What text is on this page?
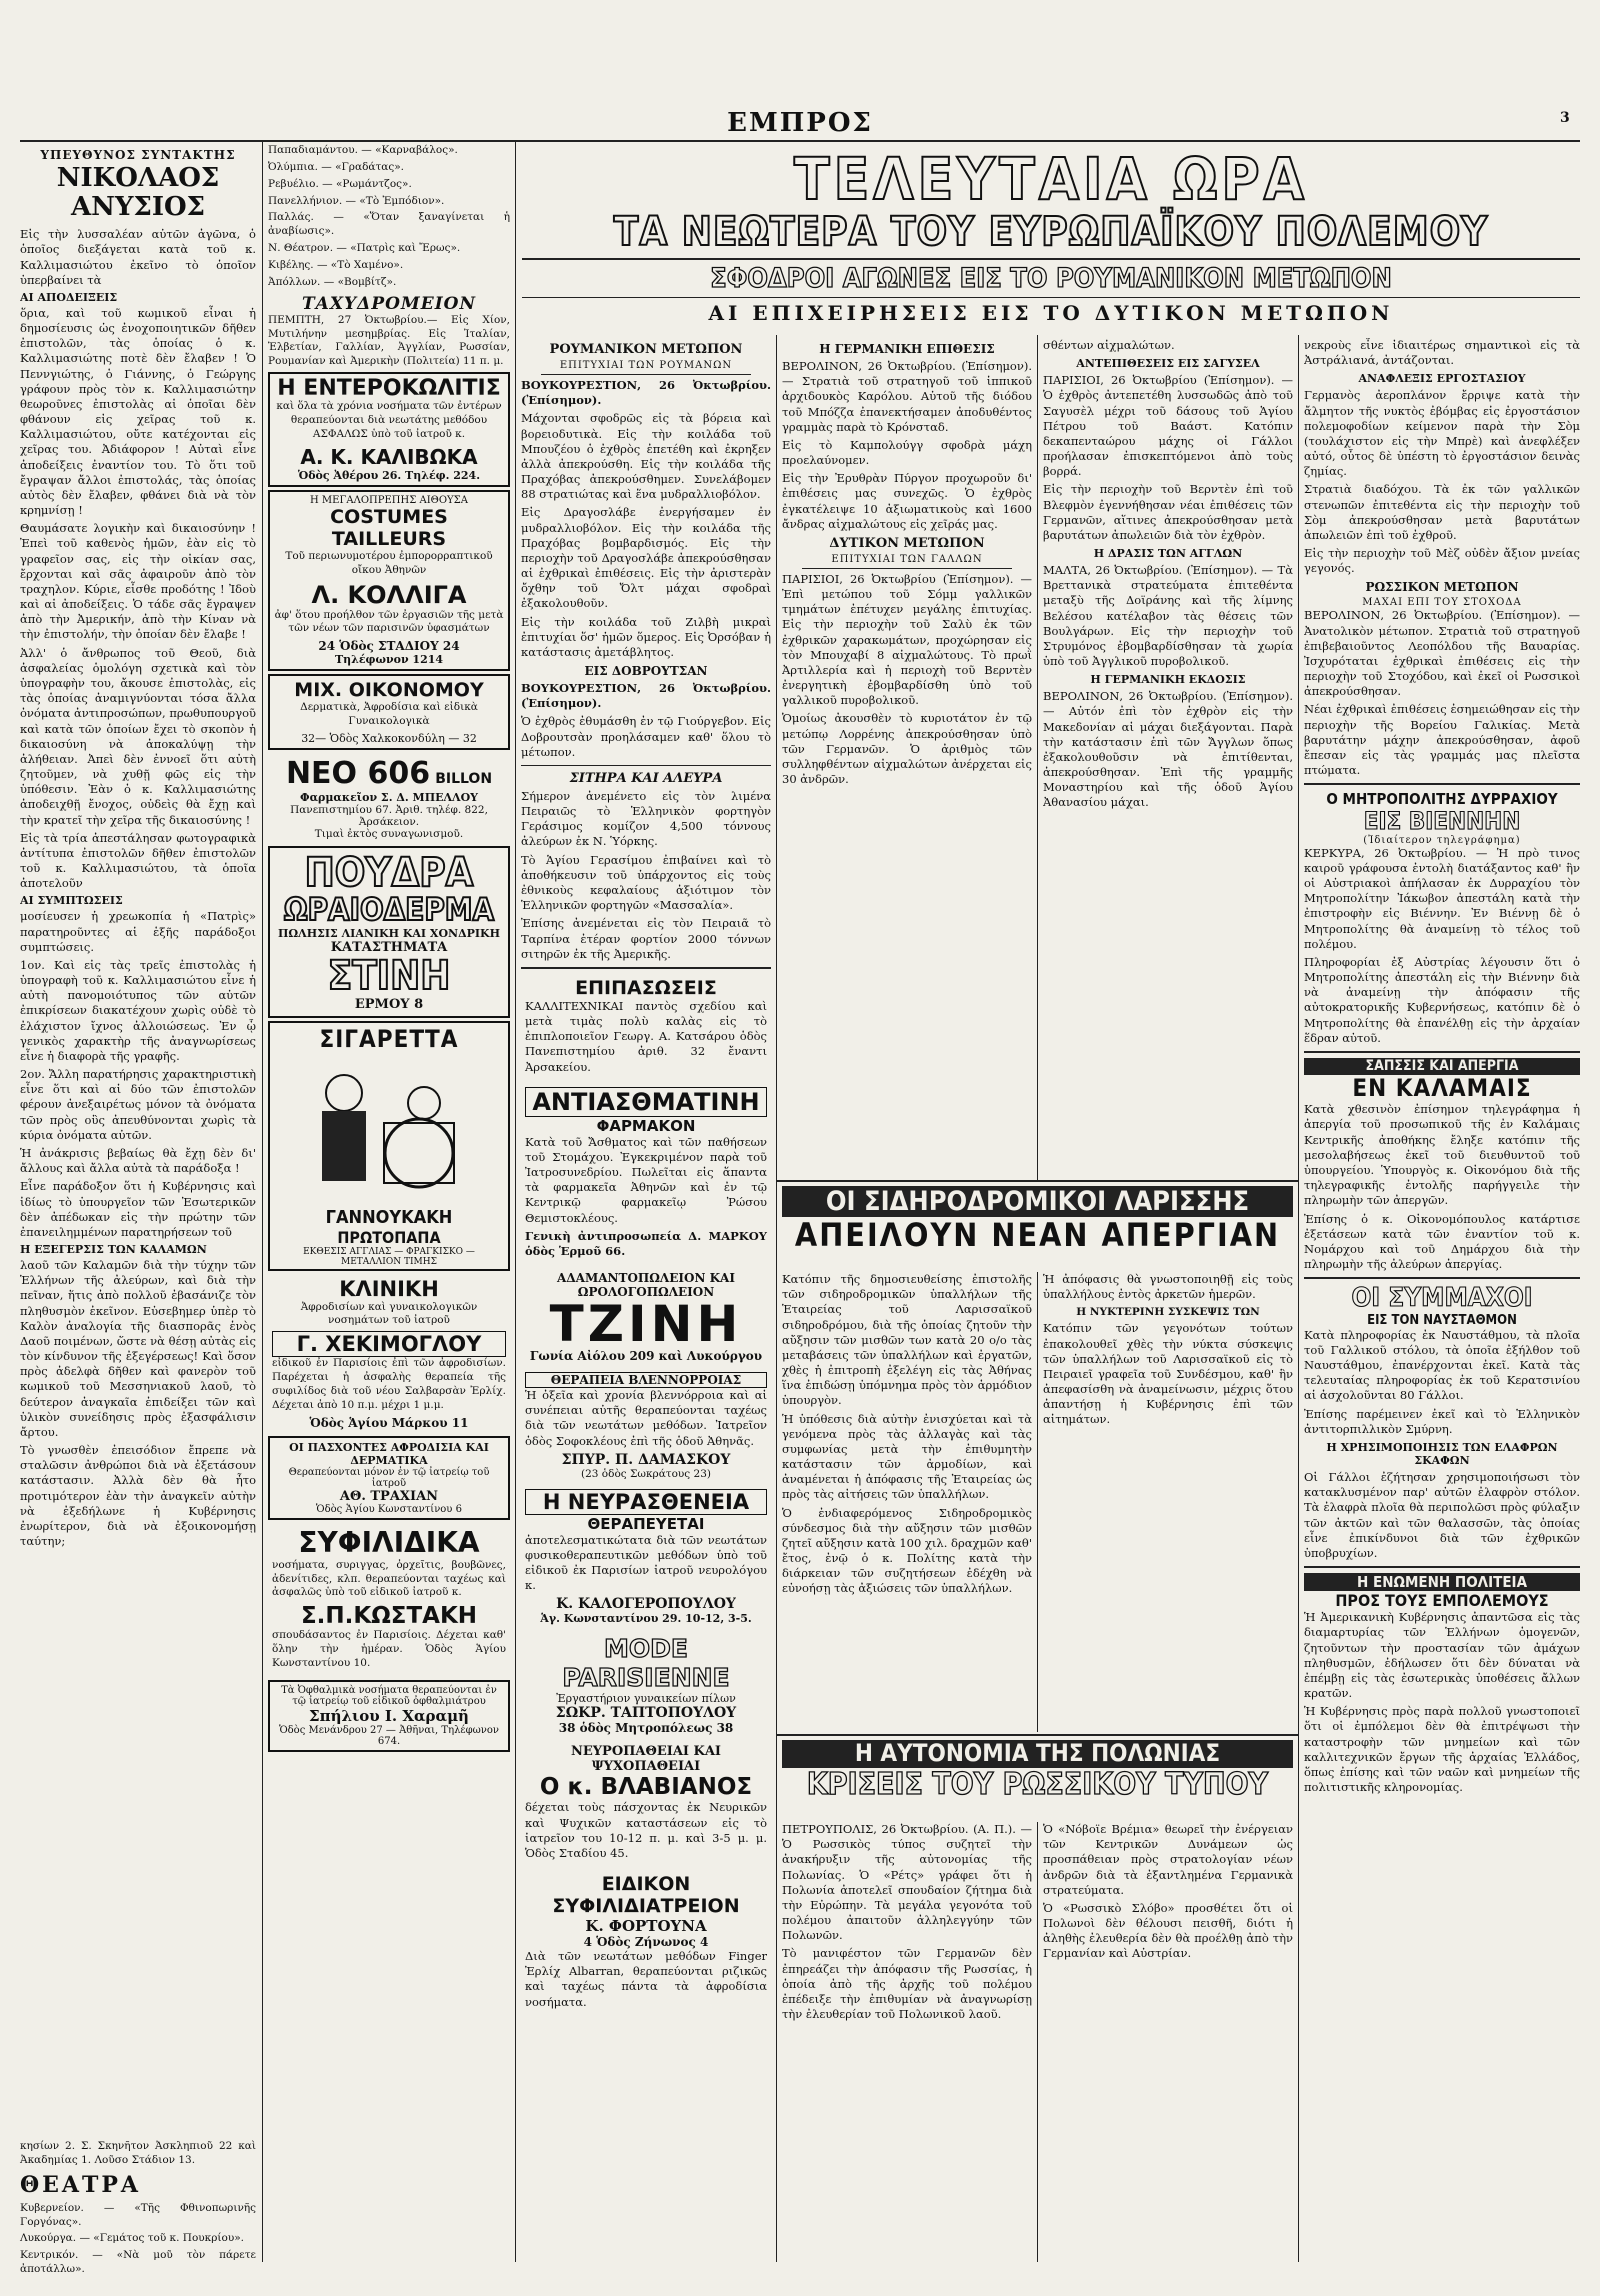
ΕΜΠΡΟΣ	3
ΥΠΕΥΘΥΝΟΣ ΣΥΝΤΑΚΤΗΣ
ΝΙΚΟΛΑΟΣ ΑΝΥΣΙΟΣ

Εἰς τὴν λυσσαλέαν αὐτῶν ἀγῶνα, ὁ ὁποῖος διεξάγεται κατὰ τοῦ κ. Καλλιμασιώτου ἐκεῖνο τὸ ὁποῖον ὑπερβαίνει τὰ

ΑΙ ΑΠΟΔΕΙΞΕΙΣ

ὅρια, καὶ τοῦ κωμικοῦ εἶναι ἡ δημοσίευσις ὡς ἐνοχοποιητικῶν δῆθεν ἐπιστολῶν, τὰς ὁποίας ὁ κ. Καλλιμασιώτης ποτὲ δὲν ἔλαβεν ! Ὁ Πεννγιώτης, ὁ Γιάννης, ὁ Γεώργης γράφουν πρὸς τὸν κ. Καλλιμασιώτην θεωροῦνες ἐπιστολὰς αἱ ὁποῖαι δὲν φθάνουν εἰς χεῖρας τοῦ κ. Καλλιμασιώτου, οὔτε κατέχονται εἰς χεῖρας του. Ἀδιάφορον ! Αὐταὶ εἶνε ἀποδείξεις ἐναντίον του. Τὸ ὅτι τοῦ ἔγραψαν ἄλλοι ἐπιστολάς, τὰς ὁποίας αὐτὸς δὲν ἔλαβεν, φθάνει διὰ νὰ τὸν κρημνίσῃ !

Θαυμάσατε λογικὴν καὶ δικαιοσύνην ! Ἐπεὶ τοῦ καθενὸς ἡμῶν, ἐὰν εἰς τὸ γραφεῖον σας, εἰς τὴν οἰκίαν σας, ἔρχονται καὶ σᾶς ἀφαιροῦν ἀπὸ τὸν τραχηλον. Κύριε, εἶσθε προδότης ! Ἰδοὺ καὶ αἱ ἀποδείξεις. Ὁ τάδε σᾶς ἔγραψεν ἀπὸ τὴν Ἀμερικήν, ἀπὸ τὴν Κίναν νὰ τὴν ἐπιστολήν, τὴν ὁποίαν δὲν ἔλαβε !

Ἀλλ' ὁ ἄνθρωπος τοῦ Θεοῦ, διὰ ἀσφαλείας ὁμολόγη σχετικὰ καὶ τὸν ὑπογραφὴν του, ἄκουσε ἐπιστολὰς, εἰς τὰς ὁποίας ἀναμιγνύονται τόσα ἄλλα ὀνόματα ἀντιπροσώπων, πρωθυπουργοῦ καὶ κατὰ τῶν ὁποίων ἔχει τὸ σκοπὸν ἡ δικαιοσύνη νὰ ἀποκαλύψῃ τὴν ἀλήθειαν. Ἀπεὶ δὲν ἐννοεῖ ὅτι αὐτὴ ζητοῦμεν, νὰ χυθῇ φῶς εἰς τὴν ὑπόθεσιν. Ἐὰν ὁ κ. Καλλιμασιώτης ἀποδειχθῇ ἔνοχος, οὐδεὶς θὰ ἔχῃ καὶ τὴν κρατεῖ τὴν χεῖρα τῆς δικαιοσύνης !

Εἰς τὰ τρία ἀπεστάλησαν φωτογραφικὰ ἀντίτυπα ἐπιστολῶν δῆθεν ἐπιστολῶν τοῦ κ. Καλλιμασιώτου, τὰ ὁποῖα ἀποτελοῦν

ΑΙ ΣΥΜΠΤΩΣΕΙΣ

μοσίευσεν ἡ χρεωκοπία ἡ «Πατρὶς» παρατηροῦντες αἱ ἑξῆς παράδοξοι συμπτώσεις.

1ον. Καὶ εἰς τὰς τρεῖς ἐπιστολὰς ἡ ὑπογραφὴ τοῦ κ. Καλλιμασιώτου εἶνε ἡ αὐτὴ πανομοιότυπος τῶν αὐτῶν ἐπικρίσεων διακατέχουν χωρὶς οὐδὲ τὸ ἐλάχιστον ἴχνος ἀλλοιώσεως. Ἐν ᾧ γενικὸς χαρακτὴρ τῆς ἀναγνωρίσεως εἶνε ἡ διαφορὰ τῆς γραφῆς.

2ον. Ἄλλη παρατήρησις χαρακτηριστικὴ εἶνε ὅτι καὶ αἱ δύο τῶν ἐπιστολῶν φέρουν ἀνεξαιρέτως μόνον τὰ ὀνόματα τῶν πρὸς οὓς ἀπευθύνονται χωρὶς τὰ κύρια ὀνόματα αὐτῶν.

Ἡ ἀνάκρισις βεβαίως θὰ ἔχῃ δὲν δι' ἄλλους καὶ ἄλλα αὐτὰ τὰ παράδοξα !

Εἶνε παράδοξον ὅτι ἡ Κυβέρνησις καὶ ἰδίως τὸ ὑπουργεῖον τῶν Ἐσωτερικῶν δὲν ἀπέδωκαν εἰς τὴν πρώτην τῶν ἐπανειλημμένων παρατηρήσεων τοῦ

Η ΕΞΕΓΕΡΣΙΣ ΤΩΝ ΚΑΛΑΜΩΝ

λαοῦ τῶν Καλαμῶν διὰ τὴν τύχην τῶν Ἑλλήνων τῆς ἀλεύρων, καὶ διὰ τὴν πεῖναν, ἥτις ἀπὸ πολλοῦ ἐβασάνιζε τὸν πληθυσμὸν ἐκεῖνον. Εὐσεβημερ ὑπὲρ τὸ Καλὸν ἀναλογία τῆς διασπορᾶς ἑνὸς Δαοῦ ποιμένων, ὥστε νὰ θέσῃ αὐτὰς εἰς τὸν κίνδυνον τῆς ἐξεγέρσεως! Καὶ ὅσον πρὸς ἀδελφὰ δῆθεν καὶ φανερὸν τοῦ κωμικοῦ τοῦ Μεσσηνιακοῦ λαοῦ, τὸ δεύτερον ἀναγκαῖα ἐπιδείξει τῶν καὶ ὑλικὸν συνείδησις πρὸς ἐξασφάλισιν ἄρτου.

Τὸ γνωσθὲν ἐπεισόδιον ἔπρεπε νὰ σταλῶσιν ἀνθρώποι διὰ νὰ ἐξετάσουν κατάστασιν. Ἀλλὰ δὲν θὰ ἦτο προτιμότερον ἐὰν τὴν ἀναγκεῖν αὐτὴν νὰ ἐξεδήλωνε ἡ Κυβέρνησις ἐνωρίτερον, διὰ νὰ ἐξοικονομήσῃ ταύτην;

κησίων 2. Σ. Σκηνῆτον Ἀσκληπιοῦ 22 καὶ Ἀκαδημίας 1. Λοῦσο Στάδιον 13.

ΘΕΑΤΡΑ

Κυβερνείον. — «Τῆς Φθινοπωρινῆς Γοργόνας».

Λυκούργα. — «Γεμάτος τοῦ κ. Πουκρίου».

Κεντρικόν. — «Νὰ μοῦ τὸν πάρετε ἀποτάλλω».

Παπαδιαμάντου. — «Καρναβάλος».
Ὀλύμπια. — «Γραδάτας».
Ρεβυέλιο. — «Ρωμάντζος».
Πανελλήνιον. — «Τὸ Ἐμπόδιον».
Παλλάς. — «Ὅταν ξαναγίνεται ἡ ἀναβίωσις».
Ν. Θέατρον. — «Πατρὶς καὶ Ἔρως».
Κιβέλης. — «Τὸ Χαμένο».
Ἀπόλλων. — «Βομβίτζ».
ΤΑΧΥΔΡΟΜΕΙΟΝ

ΠΕΜΠΤΗ, 27 Ὀκτωβρίου.— Εἰς Χίον, Μυτιλήνην μεσημβρίας. Εἰς Ἰταλίαν, Ἑλβετίαν, Γαλλίαν, Ἀγγλίαν, Ρωσσίαν, Ρουμανίαν καὶ Ἀμερικὴν (Πολιτεία) 11 π. μ.

Η ΕΝΤΕΡΟΚΩΛΙΤΙΣ

καὶ ὅλα τὰ χρόνια νοσήματα τῶν ἐντέρων θεραπεύονται διὰ νεωτάτης μεθόδου ΑΣΦΑΛΩΣ ὑπὸ τοῦ ἰατροῦ κ.

Α. Κ. ΚΑΛΙΒΩΚΑ
Ὁδὸς Ἀθέρου 26. Τηλέφ. 224.
Η ΜΕΓΑΛΟΠΡΕΠΗΣ ΑΙΘΟΥΣΑ
COSTUMES TAILLEURS

Τοῦ περιωνυμοτέρου ἐμπορορραπτικοῦ οἴκου Ἀθηνῶν

Λ. ΚΟΛΛΙΓΑ

ἀφ' ὅτου προήλθον τῶν ἐργασιῶν τῆς μετὰ τῶν νέων τῶν παρισινῶν ὑφασμάτων

24 Ὁδὸς ΣΤΑΔΙΟΥ 24
Τηλέφωνον 1214
ΜΙΧ. ΟΙΚΟΝΟΜΟΥ

Δερματικὰ, Ἀφροδίσια καὶ εἰδικὰ Γυναικολογικὰ

32— Ὁδὸς Χαλκοκονδύλη — 32
ΝΕΟ 606 BILLON
Φαρμακεῖον Σ. Δ. ΜΠΕΛΛΟΥ
Πανεπιστημίου 67. Ἀριθ. τηλέφ. 822, Ἀρσάκειον.
Τιμαὶ ἐκτὸς συναγωνισμοῦ.
ΠΟΥΔΡΑ
ΩΡΑΙΟΔΕΡΜΑ
ΠΩΛΗΣΙΣ ΛΙΑΝΙΚΗ ΚΑΙ ΧΟΝΔΡΙΚΗ
ΚΑΤΑΣΤΗΜΑΤΑ
ΣΤΙΝΗ
ΕΡΜΟΥ 8
ΣΙΓΑΡΕΤΤΑ
ΓΑΝΝΟΥΚΑΚΗ
ΠΡΩΤΟΠΑΠΑ
ΕΚΘΕΣΙΣ ΑΓΓΛΙΑΣ — ΦΡΑΓΚΙΣΚΟ — ΜΕΤΑΛΛΙΟΝ ΤΙΜΗΣ
ΚΛΙΝΙΚΗ

Ἀφροδισίων καὶ γυναικολογικῶν νοσημάτων τοῦ ἰατροῦ

Γ. ΧΕΚΙΜΟΓΛΟΥ

εἰδικοῦ ἐν Παρισίοις ἐπὶ τῶν ἀφροδισίων. Παρέχεται ἡ ἀσφαλὴς θεραπεία τῆς συφιλίδος διὰ τοῦ νέου Σαλβαρσὰν Ἐρλίχ. Δέχεται ἀπὸ 10 π.μ. μέχρι 1 μ.μ.

Ὁδὸς Ἁγίου Μάρκου 11
ΟΙ ΠΑΣΧΟΝΤΕΣ ΑΦΡΟΔΙΣΙΑ ΚΑΙ ΔΕΡΜΑΤΙΚΑ
Θεραπεύονται μόνον ἐν τῷ ἰατρείῳ τοῦ ἰατροῦ
ΑΘ. ΤΡΑΧΙΑΝ
Ὁδὸς Ἁγίου Κωνσταντίνου 6
ΣΥΦΙΛΙΔΙΚΑ

νοσήματα, συριγγας, ὀρχεῖτις, βουβῶνες, ἀδενίτιδες, κλπ. θεραπεύονται ταχέως καὶ ἀσφαλῶς ὑπὸ τοῦ εἰδικοῦ ἰατροῦ κ.

Σ.Π.ΚΩΣΤΑΚΗ

σπουδάσαντος ἐν Παρισίοις. Δέχεται καθ' ὅλην τὴν ἡμέραν. Ὁδὸς Ἁγίου Κωνσταντίνου 10.

Τὰ Ὀφθαλμικὰ νοσήματα θεραπεύονται ἐν τῷ ἰατρείῳ τοῦ εἰδικοῦ ὀφθαλμιάτρου
Σπήλιου Ι. Χαραμῆ
Ὁδὸς Μενάνδρου 27 — Ἀθῆναι, Τηλέφωνον 674.
ΤΕΛΕΥΤΑΙΑ ΩΡΑ
ΤΑ ΝΕΩΤΕΡΑ ΤΟΥ ΕΥΡΩΠΑΪΚΟΥ ΠΟΛΕΜΟΥ
ΣΦΟΔΡΟΙ ΑΓΩΝΕΣ ΕΙΣ ΤΟ ΡΟΥΜΑΝΙΚΟΝ ΜΕΤΩΠΟΝ
ΑΙ ΕΠΙΧΕΙΡΗΣΕΙΣ ΕΙΣ ΤΟ ΔΥΤΙΚΟΝ ΜΕΤΩΠΟΝ
ΡΟΥΜΑΝΙΚΟΝ ΜΕΤΩΠΟΝ
ΕΠΙΤΥΧΙΑΙ ΤΩΝ ΡΟΥΜΑΝΩΝ

ΒΟΥΚΟΥΡΕΣΤΙΟΝ, 26 Ὀκτωβρίου. (Ἐπίσημον).

Μάχονται σφοδρῶς εἰς τὰ βόρεια καὶ βορειοδυτικὰ. Εἰς τὴν κοιλάδα τοῦ Μπουζέου ὁ ἐχθρὸς ἐπετέθη καὶ ἐκρηξεν ἀλλὰ ἀπεκρούσθη. Εἰς τὴν κοιλάδα τῆς Πραχόβας ἀπεκρούσθημεν. Συνελάβομεν 88 στρατιώτας καὶ ἕνα μυδραλλιοβόλον.

Εἰς Δραγοσλάβε ἐνεργήσαμεν ἐν μυδραλλιοβόλον. Εἰς τὴν κοιλάδα τῆς Πραχόβας βομβαρδισμός. Εἰς τὴν περιοχὴν τοῦ Δραγοσλάβε ἀπεκρούσθησαν αἱ ἐχθρικαὶ ἐπιθέσεις. Εἰς τὴν ἀριστερὰν ὄχθην τοῦ Ὄλτ μάχαι σφοδραὶ ἐξακολουθοῦν.

Εἰς τὴν κοιλάδα τοῦ Ζιλβὴ μικραὶ ἐπιτυχίαι ὅσ' ἡμῶν ὅμερος. Εἰς Ὀρσόβαν ἡ κατάστασις ἀμετάβλητος.

ΕΙΣ ΔΟΒΡΟΥΤΣΑΝ

ΒΟΥΚΟΥΡΕΣΤΙΟΝ, 26 Ὀκτωβρίου. (Ἐπίσημον).

Ὁ ἐχθρὸς ἐθυμάσθη ἐν τῷ Γιούργεβον. Εἰς Δοβρουτσὰν προηλάσαμεν καθ' ὅλου τὸ μέτωπον.

ΣΙΤΗΡΑ ΚΑΙ ΑΛΕΥΡΑ

Σήμερον ἀνεμένετο εἰς τὸν λιμένα Πειραιῶς τὸ Ἑλληνικὸν φορτηγὸν Γεράσιμος κομίζον 4,500 τόννους ἀλεύρων ἐκ Ν. Ὑόρκης.

Τὸ Ἁγίου Γερασίμου ἐπιβαίνει καὶ τὸ ἀποθήκευσιν τοῦ ὑπάρχοντος εἰς τοὺς ἐθνικοὺς κεφαλαίους ἀξιότιμον τὸν Ἑλληνικῶν φορτηγῶν «Μασσαλία».

Ἐπίσης ἀνεμένεται εἰς τὸν Πειραιᾶ τὸ Ταρπίνα ἐτέραν φορτίον 2000 τόννων σιτηρῶν ἐκ τῆς Ἀμερικῆς.

ΕΠΙΠΑΣΩΣΕΙΣ

ΚΑΛΛΙΤΕΧΝΙΚΑΙ παντὸς σχεδίου καὶ μετὰ τιμὰς πολὺ καλὰς εἰς τὸ ἐπιπλοποιεῖον Γεωργ. Α. Κατσάρου ὁδὸς Πανεπιστημίου ἀριθ. 32 ἔναντι Ἀρσακείου.

ΑΝΤΙΑΣΘΜΑΤΙΝΗ
ΦΑΡΜΑΚΟΝ

Κατὰ τοῦ Ἄσθματος καὶ τῶν παθήσεων τοῦ Στομάχου. Ἐγκεκριμένον παρὰ τοῦ Ἰατροσυνεδρίου. Πωλεῖται εἰς ἅπαντα τὰ φαρμακεῖα Ἀθηνῶν καὶ ἐν τῷ Κεντρικῷ φαρμακεῖῳ Ῥώσου Θεμιστοκλέους.

Γενικὴ ἀντιπροσωπεία Δ. ΜΑΡΚΟΥ ὁδὸς Ἑρμοῦ 66.

ΑΔΑΜΑΝΤΟΠΩΛΕΙΟΝ ΚΑΙ ΩΡΟΛΟΓΟΠΩΛΕΙΟΝ
ΤΖΙΝΗ
Γωνία Αἰόλου 209 καὶ Λυκούργου
ΘΕΡΑΠΕΙΑ ΒΛΕΝΝΟΡΡΟΙΑΣ

Ἡ ὀξεῖα καὶ χρονία βλεννόρροια καὶ αἱ συνέπειαι αὐτῆς θεραπεύονται ταχέως διὰ τῶν νεωτάτων μεθόδων. Ἰατρεῖον ὁδὸς Σοφοκλέους ἐπὶ τῆς ὁδοῦ Ἀθηνᾶς.

ΣΠΥΡ. Π. ΔΑΜΑΣΚΟΥ
(23 ὁδὸς Σωκράτους 23)
Η ΝΕΥΡΑΣΘΕΝΕΙΑ
ΘΕΡΑΠΕΥΕΤΑΙ

ἀποτελεσματικώτατα διὰ τῶν νεωτάτων φυσικοθεραπευτικῶν μεθόδων ὑπὸ τοῦ εἰδικοῦ ἐκ Παρισίων ἰατροῦ νευρολόγου κ.

Κ. ΚΑΛΟΓΕΡΟΠΟΥΛΟΥ
Ἁγ. Κωνσταντίνου 29. 10-12, 3-5.
MODE PARISIENNE
Ἐργαστήριον γυναικείων πίλων
ΣΩΚΡ. ΤΑΠΤΟΠΟΥΛΟΥ
38 ὁδὸς Μητροπόλεως 38
ΝΕΥΡΟΠΑΘΕΙΑΙ ΚΑΙ ΨΥΧΟΠΑΘΕΙΑΙ
Ο κ. ΒΛΑΒΙΑΝΟΣ

δέχεται τοὺς πάσχοντας ἐκ Νευρικῶν καὶ Ψυχικῶν καταστάσεων εἰς τὸ ἰατρεῖον του 10-12 π. μ. καὶ 3-5 μ. μ. Ὁδὸς Σταδίου 45.

ΕΙΔΙΚΟΝ ΣΥΦΙΛΙΔΙΑΤΡΕΙΟΝ
Κ. ΦΟΡΤΟΥΝΑ
4 Ὁδὸς Ζήνωνος 4

Διὰ τῶν νεωτάτων μεθόδων Finger Ἐρλίχ Albarran, θεραπεύονται ριζικῶς καὶ ταχέως πάντα τὰ ἀφροδίσια νοσήματα.

Η ΓΕΡΜΑΝΙΚΗ ΕΠΙΘΕΣΙΣ

ΒΕΡΟΛΙΝΟΝ, 26 Ὀκτωβρίου. (Ἐπίσημον). — Στρατιὰ τοῦ στρατηγοῦ τοῦ ἱππικοῦ ἀρχιδουκὸς Καρόλου. Αὐτοῦ τῆς διόδου τοῦ Μπόζζα ἐπανεκτήσαμεν ἀποδυθέντος γραμμὰς παρὰ τὸ Κρόνσταδ.

Εἰς τὸ Καμπολούγγ σφοδρὰ μάχη προελαύνομεν.

Εἰς τὴν Ἐρυθρὰν Πύργον προχωροῦν δι' ἐπιθέσεις μας συνεχῶς. Ὁ ἐχθρὸς ἐγκατέλειψε 10 ἀξιωματικοὺς καὶ 1600 ἄνδρας αἰχμαλώτους εἰς χεῖράς μας.

ΔΥΤΙΚΟΝ ΜΕΤΩΠΟΝ
ΕΠΙΤΥΧΙΑΙ ΤΩΝ ΓΑΛΛΩΝ

ΠΑΡΙΣΙΟΙ, 26 Ὀκτωβρίου (Ἐπίσημον). — Ἐπὶ μετώπου τοῦ Σόμμ γαλλικῶν τμημάτων ἐπέτυχεν μεγάλης ἐπιτυχίας. Εἰς τὴν περιοχὴν τοῦ Σαλὺ ἐκ τῶν ἐχθρικῶν χαρακωμάτων, προχώρησαν εἰς τὸν Μπουχαβί 8 αἰχμαλώτους. Τὸ πρωῒ Ἀρτιλλερία καὶ ἡ περιοχὴ τοῦ Βερντὲν ἐνεργητικὴ ἐβομβαρδίσθη ὑπὸ τοῦ γαλλικοῦ πυροβολικοῦ.

Ὁμοίως ἀκουσθὲν τὸ κυριοτάτον ἐν τῷ μετώπῳ Λορρένης ἀπεκρούσθησαν ὑπὸ τῶν Γερμανῶν. Ὁ ἀριθμὸς τῶν συλληφθέντων αἰχμαλώτων ἀνέρχεται εἰς 30 ἀνδρῶν.

σθέντων αἰχμαλώτων.

ΑΝΤΕΠΙΘΕΣΕΙΣ ΕΙΣ ΣΑΓΥΣΕΛ

ΠΑΡΙΣΙΟΙ, 26 Ὀκτωβρίου (Ἐπίσημον). — Ὁ ἐχθρὸς ἀντεπετέθη λυσσωδῶς ἀπὸ τοῦ Σαγυσὲλ μέχρι τοῦ δάσους τοῦ Ἁγίου Πέτρου τοῦ Βαάστ. Κατόπιν δεκαπενταώρου μάχης οἱ Γάλλοι προήλασαν ἐπισκεπτόμενοι ἀπὸ τοὺς βορρά.

Εἰς τὴν περιοχὴν τοῦ Βερντὲν ἐπὶ τοῦ Βλεφμὸν ἐγεννήθησαν νέαι ἐπιθέσεις τῶν Γερμανῶν, αἵτινες ἀπεκρούσθησαν μετὰ βαρυτάτων ἀπωλειῶν διὰ τὸν ἐχθρὸν.

Η ΔΡΑΣΙΣ ΤΩΝ ΑΓΓΛΩΝ

ΜΑΛΤΑ, 26 Ὀκτωβρίου. (Ἐπίσημον). — Τὰ Βρεττανικὰ στρατεύματα ἐπιτεθέντα μεταξὺ τῆς Δοϊράνης καὶ τῆς λίμνης Βελέσου κατέλαβον τὰς θέσεις τῶν Βουλγάρων. Εἰς τὴν περιοχὴν τοῦ Στρυμόνος ἐβομβαρδίσθησαν τὰ χωρία ὑπὸ τοῦ Ἀγγλικοῦ πυροβολικοῦ.

Η ΓΕΡΜΑΝΙΚΗ ΕΚΔΟΣΙΣ

ΒΕΡΟΛΙΝΟΝ, 26 Ὀκτωβρίου. (Ἐπίσημον). — Αὐτόν ἐπὶ τὸν ἐχθρὸν εἰς τὴν Μακεδονίαν αἱ μάχαι διεξάγονται. Παρὰ τὴν κατάστασιν ἐπὶ τῶν Ἄγγλων ὅπως ἐξακολουθοῦσιν νὰ ἐπιτίθενται, ἀπεκρούσθησαν. Ἐπὶ τῆς γραμμῆς Μοναστηρίου καὶ τῆς ὁδοῦ Ἀγίου Ἀθανασίου μάχαι.

ΟΙ ΣΙΔΗΡΟΔΡΟΜΙΚΟΙ ΛΑΡΙΣΣΗΣ
ΑΠΕΙΛΟΥΝ ΝΕΑΝ ΑΠΕΡΓΙΑΝ

Κατόπιν τῆς δημοσιευθείσης ἐπιστολῆς τῶν σιδηροδρομικῶν ὑπαλλήλων τῆς Ἑταιρείας τοῦ Λαρισσαϊκοῦ σιδηροδρόμου, διὰ τῆς ὁποίας ζητοῦν τὴν αὔξησιν τῶν μισθῶν των κατὰ 20 ο/ο τὰς μεταβάσεις τῶν ὑπαλλήλων καὶ ἐργατῶν, χθὲς ἡ ἐπιτροπὴ ἐξελέγη εἰς τὰς Ἀθήνας ἵνα ἐπιδώσῃ ὑπόμνημα πρὸς τὸν ἁρμόδιον ὑπουργὸν.

Ἡ ὑπόθεσις διὰ αὐτὴν ἐνισχύεται καὶ τὰ γενόμενα πρὸς τὰς ἀλλαγὰς καὶ τὰς συμφωνίας μετὰ τὴν ἐπιθυμητὴν κατάστασιν τῶν ἀρμοδίων, καὶ ἀναμένεται ἡ ἀπόφασις τῆς Ἑταιρείας ὡς πρὸς τὰς αἰτήσεις τῶν ὑπαλλήλων.

Ὁ ἐνδιαφερόμενος Σιδηροδρομικὸς σύνδεσμος διὰ τὴν αὔξησιν τῶν μισθῶν ζητεῖ αὔξησιν κατὰ 100 χιλ. δραχμῶν καθ' ἔτος, ἐνῷ ὁ κ. Πολίτης κατὰ τὴν διάρκειαν τῶν συζητήσεων ἐδέχθη νὰ εὐνοήσῃ τὰς ἀξιώσεις τῶν ὑπαλλήλων.

Ἡ ἀπόφασις θὰ γνωστοποιηθῇ εἰς τοὺς ὑπαλλήλους ἐντὸς ἀρκετῶν ἡμερῶν.

Η ΝΥΚΤΕΡΙΝΗ ΣΥΣΚΕΨΙΣ ΤΩΝ

Κατόπιν τῶν γεγονότων τούτων ἐπακολουθεῖ χθὲς τὴν νύκτα σύσκεψις τῶν ὑπαλλήλων τοῦ Λαρισσαϊκοῦ εἰς τὸ Πειραιεῖ γραφεῖα τοῦ Συνδέσμου, καθ' ἣν ἀπεφασίσθη νὰ ἀναμείνωσιν, μέχρις ὅτου ἀπαντήσῃ ἡ Κυβέρνησις ἐπὶ τῶν αἰτημάτων.

Η ΑΥΤΟΝΟΜΙΑ ΤΗΣ ΠΟΛΩΝΙΑΣ
ΚΡΙΣΕΙΣ ΤΟΥ ΡΩΣΣΙΚΟΥ ΤΥΠΟΥ

ΠΕΤΡΟΥΠΟΛΙΣ, 26 Ὀκτωβρίου. (Α. Π.). — Ὁ Ρωσσικὸς τύπος συζητεῖ τὴν ἀνακήρυξιν τῆς αὐτονομίας τῆς Πολωνίας. Ὁ «Ρέτς» γράφει ὅτι ἡ Πολωνία ἀποτελεῖ σπουδαίον ζήτημα διὰ τὴν Εὐρώπην. Τὰ μεγάλα γεγονότα τοῦ πολέμου ἀπαιτοῦν ἀλληλεγγύην τῶν Πολωνῶν.

Τὸ μανιφέστον τῶν Γερμανῶν δὲν ἐπηρεάζει τὴν ἀπόφασιν τῆς Ρωσσίας, ἡ ὁποία ἀπὸ τῆς ἀρχῆς τοῦ πολέμου ἐπέδειξε τὴν ἐπιθυμίαν νὰ ἀναγνωρίσῃ τὴν ἐλευθερίαν τοῦ Πολωνικοῦ λαοῦ.

Ὁ «Νόβοϊε Βρέμια» θεωρεῖ τὴν ἐνέργειαν τῶν Κεντρικῶν Δυνάμεων ὡς προσπάθειαν πρὸς στρατολογίαν νέων ἀνδρῶν διὰ τὰ ἐξαντλημένα Γερμανικὰ στρατεύματα.

Ὁ «Ρωσσικὸ Σλόβο» προσθέτει ὅτι οἱ Πολωνοὶ δὲν θέλουσι πεισθῆ, διότι ἡ ἀληθὴς ἐλευθερία δὲν θὰ προέλθῃ ἀπὸ τὴν Γερμανίαν καὶ Αὐστρίαν.

νεκροὺς εἶνε ἰδιαιτέρως σημαντικοὶ εἰς τὰ Ἀστράλιανά, ἀντάζονται.

ΑΝΑΦΛΕΞΙΣ ΕΡΓΟΣΤΑΣΙΟΥ

Γερμανὸς ἀεροπλάνον ἔρριψε κατὰ τὴν ἄλμητον τῆς νυκτὸς ἐβόμβας εἰς ἐργοστάσιον πολεμοφοδίων κείμενον παρὰ τὴν Σὸμ (τουλάχιστον εἰς τὴν Μπρὲ) καὶ ἀνεφλέξεν αὐτό, οὗτος δὲ ὑπέστη τὸ ἐργοστάσιον δεινὰς ζημίας.

Στρατιὰ διαδόχου. Τὰ ἐκ τῶν γαλλικῶν στενωπῶν ἐπιτεθέντα εἰς τὴν περιοχὴν τοῦ Σὸμ ἀπεκρούσθησαν μετὰ βαρυτάτων ἀπωλειῶν ἐπὶ τοῦ ἐχθροῦ.

Εἰς τὴν περιοχὴν τοῦ Μὲζ οὐδὲν ἄξιον μνείας γεγονός.

ΡΩΣΣΙΚΟΝ ΜΕΤΩΠΟΝ
ΜΑΧΑΙ ΕΠΙ ΤΟΥ ΣΤΟΧΟΔΑ

ΒΕΡΟΛΙΝΟΝ, 26 Ὀκτωβρίου. (Ἐπίσημον). — Ἀνατολικὸν μέτωπον. Στρατιὰ τοῦ στρατηγοῦ ἐπιβεβαιοῦντος Λεοπόλδου τῆς Βαυαρίας. Ἰσχυρόταται ἐχθρικαὶ ἐπιθέσεις εἰς τὴν περιοχὴν τοῦ Στοχόδου, καὶ ἐκεῖ οἱ Ρωσσικοὶ ἀπεκρούσθησαν.

Νέαι ἐχθρικαὶ ἐπιθέσεις ἐσημειώθησαν εἰς τὴν περιοχὴν τῆς Βορείου Γαλικίας. Μετὰ βαρυτάτην μάχην ἀπεκρούσθησαν, ἀφοῦ ἔπεσαν εἰς τὰς γραμμάς μας πλεῖστα πτώματα.

Ο ΜΗΤΡΟΠΟΛΙΤΗΣ ΔΥΡΡΑΧΙΟΥ
ΕΙΣ ΒΙΕΝΝΗΝ
(Ἰδιαίτερον τηλεγράφημα)

ΚΕΡΚΥΡΑ, 26 Ὀκτωβρίου. — Ἡ πρὸ τινος καιροῦ γράφουσα ἐντολὴ διατάξαντος καθ' ἣν οἱ Αὐστριακοὶ ἀπήλασαν ἐκ Δυρραχίου τὸν Μητροπολίτην Ἰάκωβον ἀπεστάλη κατὰ τὴν ἐπιστροφὴν εἰς Βιέννην. Ἐν Βιέννῃ δὲ ὁ Μητροπολίτης θὰ ἀναμείνῃ τὸ τέλος τοῦ πολέμου.

Πληροφορίαι ἐξ Αὐστρίας λέγουσιν ὅτι ὁ Μητροπολίτης ἀπεστάλη εἰς τὴν Βιέννην διὰ νὰ ἀναμείνῃ τὴν ἀπόφασιν τῆς αὐτοκρατορικῆς Κυβερνήσεως, κατόπιν δὲ ὁ Μητροπολίτης θὰ ἐπανέλθῃ εἰς τὴν ἀρχαίαν ἕδραν αὐτοῦ.

ΣΑΠΣΣΙΣ ΚΑΙ ΑΠΕΡΓΙΑ
ΕΝ ΚΑΛΑΜΑΙΣ

Κατὰ χθεσινὸν ἐπίσημον τηλεγράφημα ἡ ἀπεργία τοῦ προσωπικοῦ τῆς ἐν Καλάμαις Κεντρικῆς ἀποθήκης ἔληξε κατόπιν τῆς μεσολαβήσεως ἐκεῖ τοῦ διευθυντοῦ τοῦ ὑπουργείου. Ὑπουργὸς κ. Οἰκονόμου διὰ τῆς τηλεγραφικῆς ἐντολῆς παρήγγειλε τὴν πληρωμὴν τῶν ἀπεργῶν.

Ἐπίσης ὁ κ. Οἰκονομόπουλος κατάρτισε ἐξετάσεων κατὰ τῶν ἐναντίον τοῦ κ. Νομάρχου καὶ τοῦ Δημάρχου διὰ τὴν πληρωμὴν τῆς ἀλεύρων ἀπεργίας.

ΟΙ ΣΥΜΜΑΧΟΙ
ΕΙΣ ΤΟΝ ΝΑΥΣΤΑΘΜΟΝ

Κατὰ πληροφορίας ἐκ Ναυστάθμου, τὰ πλοῖα τοῦ Γαλλικοῦ στόλου, τὰ ὁποῖα ἐξήλθον τοῦ Ναυστάθμου, ἐπανέρχονται ἐκεῖ. Κατὰ τὰς τελευταίας πληροφορίας ἐκ τοῦ Κερατσινίου αἱ ἀσχολοῦνται 80 Γάλλοι.

Ἐπίσης παρέμεινεν ἐκεῖ καὶ τὸ Ἑλληνικὸν ἀντιτορπιλλικὸν Σμύρνη.

Η ΧΡΗΣΙΜΟΠΟΙΗΣΙΣ ΤΩΝ ΕΛΑΦΡΩΝ ΣΚΑΦΩΝ

Οἱ Γάλλοι ἐζήτησαν χρησιμοποιήσωσι τὸν κατακλυσμένον παρ' αὐτῶν ἐλαφρὸν στόλον. Τὰ ἐλαφρὰ πλοῖα θὰ περιπολῶσι πρὸς φύλαξιν τῶν ἀκτῶν καὶ τῶν θαλασσῶν, τὰς ὁποίας εἶνε ἐπικίνδυνοι διὰ τῶν ἐχθρικῶν ὑποβρυχίων.

Η ΕΝΩΜΕΝΗ ΠΟΛΙΤΕΙΑ
ΠΡΟΣ ΤΟΥΣ ΕΜΠΟΛΕΜΟΥΣ

Ἡ Ἀμερικανικὴ Κυβέρνησις ἀπαντῶσα εἰς τὰς διαμαρτυρίας τῶν Ἑλλήνων ὁμογενῶν, ζητοῦντων τὴν προστασίαν τῶν ἀμάχων πληθυσμῶν, ἐδήλωσεν ὅτι δὲν δύναται νὰ ἐπέμβῃ εἰς τὰς ἐσωτερικὰς ὑποθέσεις ἄλλων κρατῶν.

Ἡ Κυβέρνησις πρὸς παρὰ πολλοῦ γνωστοποιεῖ ὅτι οἱ ἐμπόλεμοι δὲν θὰ ἐπιτρέψωσι τὴν καταστροφὴν τῶν μνημείων καὶ τῶν καλλιτεχνικῶν ἔργων τῆς ἀρχαίας Ἑλλάδος, ὅπως ἐπίσης καὶ τῶν ναῶν καὶ μνημείων τῆς πολιτιστικῆς κληρονομίας.
